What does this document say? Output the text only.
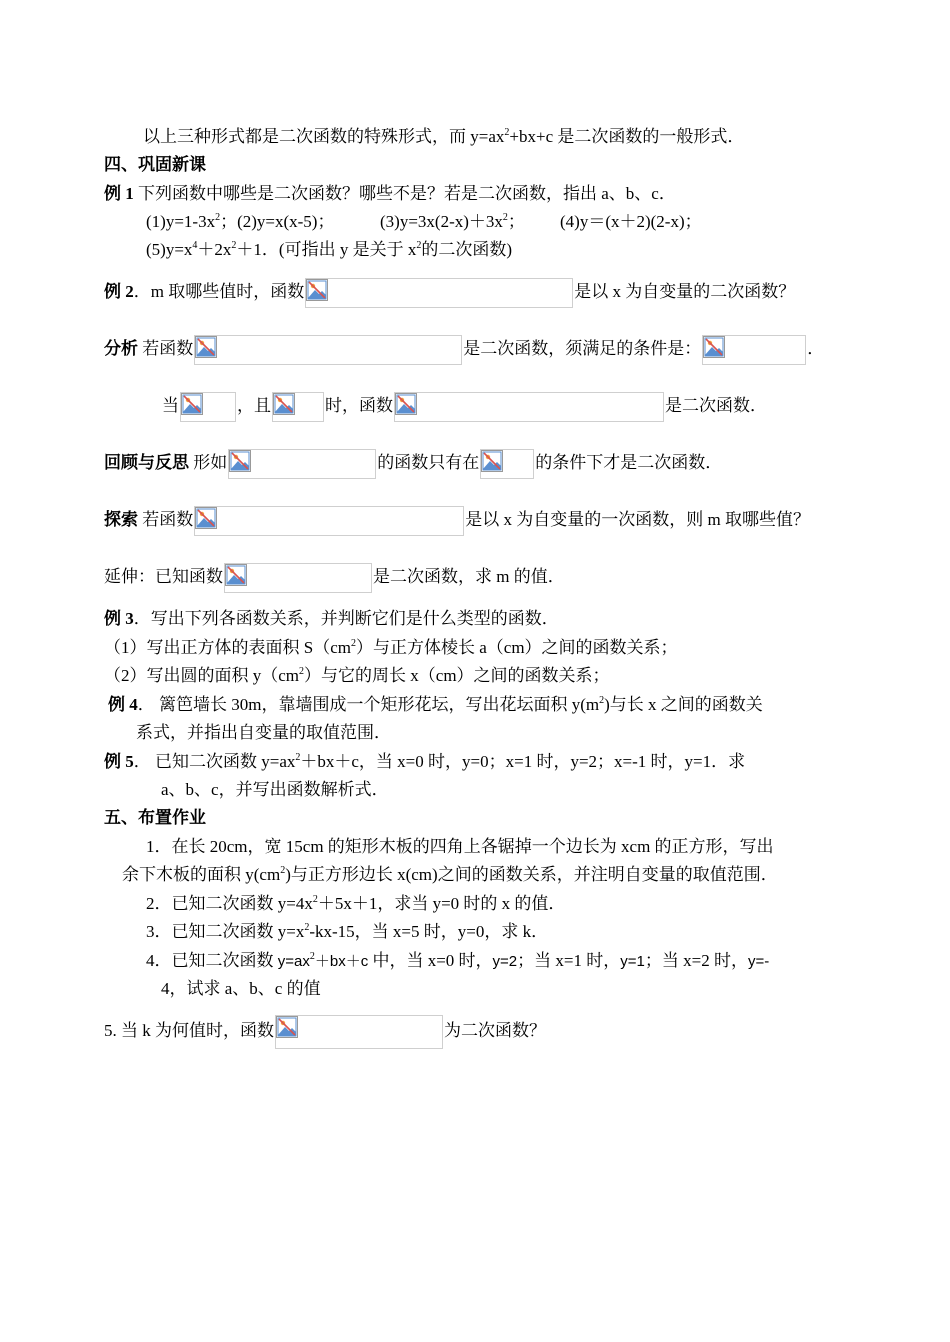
以上三种形式都是二次函数的特殊形式，而 $y=ax^2+bx+c$ 是二次函数的一般形式．
四、巩固新课
例 1 下列函数中哪些是二次函数？哪些不是？若是二次函数，指出 a、b、c．
$(1)y=1-3x^2$；(2)y=x(x-5)；	$(3)y=3x(2-x)+3x^2$； (4)y＝(x＋2)(2-x)；
$(5)y=x^4+2x^2+1$．(可指出 y 是关于 $x^2$的二次函数)
例 2．m 取哪些值时，函数	是以 x 为自变量的二次函数？
分析 若函数	是二次函数，须满足的条件是：	．
当	，且	时，函数	是二次函数．
回顾与反思 形如	的函数只有在	的条件下才是二次函数．
探索 若函数	是以 x 为自变量的一次函数，则 m 取哪些值？
延伸：已知函数	是二次函数，求 m 的值．
例 3．写出下列各函数关系，并判断它们是什么类型的函数．
（1）写出正方体的表面积 $S(cm^2)$与正方体棱长 a（cm）之间的函数关系；
（2）写出圆的面积 $y(cm^2)$与它的周长 x（cm）之间的函数关系；
例 4． 篱笆墙长 30m，靠墙围成一个矩形花坛，写出花坛面积 $y(m^2)$与长 x 之间的函数关
系式，并指出自变量的取值范围．
例 5． 已知二次函数 $y=ax^2+bx+c$，当 x=0 时，y=0；x=1 时，y=2；x=-1 时，y=1．求
a、b、c，并写出函数解析式．
五、布置作业
1．在长 20cm，宽 15cm 的矩形木板的四角上各锯掉一个边长为 xcm 的正方形，写出
余下木板的面积 $y(cm^2)$与正方形边长 x(cm)之间的函数关系，并注明自变量的取值范围．
2．已知二次函数 $y=4x^2+5x+1$，求当 y=0 时的 x 的值．
3．已知二次函数 $y=x^2-kx-15$，当 x=5 时，y=0，求 k．
4．已知二次函数 $y=ax^2+bx+c$ 中，当 x=0 时，y=2；当 x=1 时，y=1；当 x=2 时，y=-
4，试求 a、b、c 的值
5. 当 k 为何值时，函数	为二次函数？
